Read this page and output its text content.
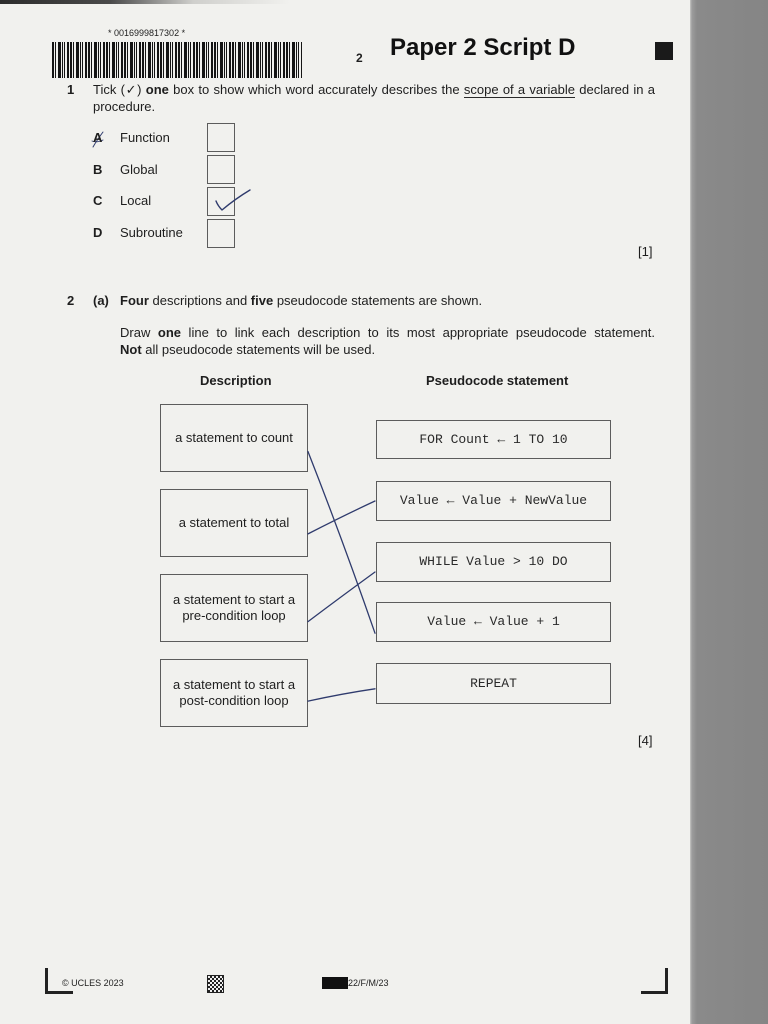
* 0016999817302 *
2 Paper 2 Script D
1 Tick (✓) one box to show which word accurately describes the scope of a variable declared in a
procedure.
A Function
B Global
C Local
D Subroutine
[1]
2 (a) Four descriptions and five pseudocode statements are shown.
Draw one line to link each description to its most appropriate pseudocode statement.
Not all pseudocode statements will be used.
Description	Pseudocode statement
a statement to count
a statement to total
a statement to start a
pre-condition loop
a statement to start a
post-condition loop
FOR Count ← 1 TO 10
Value ← Value + NewValue
WHILE Value > 10 DO
Value ← Value + 1
REPEAT
[4]
© UCLES 2023	22/F/M/23
